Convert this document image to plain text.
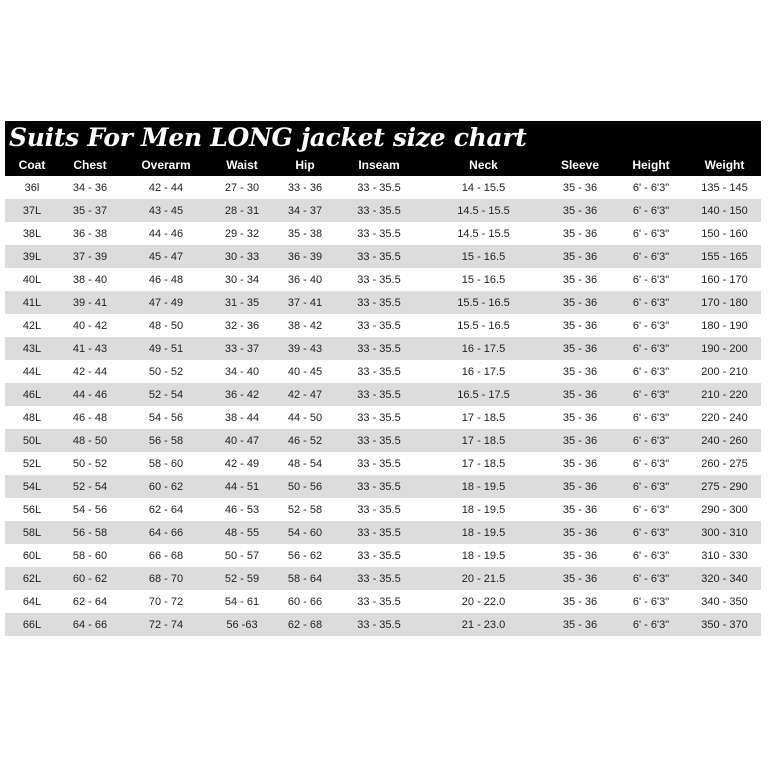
Suits For Men LONG jacket size chart
Coat	Chest	Overarm	Waist	Hip	Inseam	Neck	Sleeve	Height	Weight
36l	34 - 36	42 - 44	27 - 30	33 - 36	33 - 35.5	14 - 15.5	35 - 36	6' - 6'3"	135 - 145
37L	35 - 37	43 - 45	28 - 31	34 - 37	33 - 35.5	14.5 - 15.5	35 - 36	6' - 6'3"	140 - 150
38L	36 - 38	44 - 46	29 - 32	35 - 38	33 - 35.5	14.5 - 15.5	35 - 36	6' - 6'3"	150 - 160
39L	37 - 39	45 - 47	30 - 33	36 - 39	33 - 35.5	15 - 16.5	35 - 36	6' - 6'3"	155 - 165
40L	38 - 40	46 - 48	30 - 34	36 - 40	33 - 35.5	15 - 16.5	35 - 36	6' - 6'3"	160 - 170
41L	39 - 41	47 - 49	31 - 35	37 - 41	33 - 35.5	15.5 - 16.5	35 - 36	6' - 6'3"	170 - 180
42L	40 - 42	48 - 50	32 - 36	38 - 42	33 - 35.5	15.5 - 16.5	35 - 36	6' - 6'3"	180 - 190
43L	41 - 43	49 - 51	33 - 37	39 - 43	33 - 35.5	16 - 17.5	35 - 36	6' - 6'3"	190 - 200
44L	42 - 44	50 - 52	34 - 40	40 - 45	33 - 35.5	16 - 17.5	35 - 36	6' - 6'3"	200 - 210
46L	44 - 46	52 - 54	36 - 42	42 - 47	33 - 35.5	16.5 - 17.5	35 - 36	6' - 6'3"	210 - 220
48L	46 - 48	54 - 56	38 - 44	44 - 50	33 - 35.5	17 - 18.5	35 - 36	6' - 6'3"	220 - 240
50L	48 - 50	56 - 58	40 - 47	46 - 52	33 - 35.5	17 - 18.5	35 - 36	6' - 6'3"	240 - 260
52L	50 - 52	58 - 60	42 - 49	48 - 54	33 - 35.5	17 - 18.5	35 - 36	6' - 6'3"	260 - 275
54L	52 - 54	60 - 62	44 - 51	50 - 56	33 - 35.5	18 - 19.5	35 - 36	6' - 6'3"	275 - 290
56L	54 - 56	62 - 64	46 - 53	52 - 58	33 - 35.5	18 - 19.5	35 - 36	6' - 6'3"	290 - 300
58L	56 - 58	64 - 66	48 - 55	54 - 60	33 - 35.5	18 - 19.5	35 - 36	6' - 6'3"	300 - 310
60L	58 - 60	66 - 68	50 - 57	56 - 62	33 - 35.5	18 - 19.5	35 - 36	6' - 6'3"	310 - 330
62L	60 - 62	68 - 70	52 - 59	58 - 64	33 - 35.5	20 - 21.5	35 - 36	6' - 6'3"	320 - 340
64L	62 - 64	70 - 72	54 - 61	60 - 66	33 - 35.5	20 - 22.0	35 - 36	6' - 6'3"	340 - 350
66L	64 - 66	72 - 74	56 -63	62 - 68	33 - 35.5	21 - 23.0	35 - 36	6' - 6'3"	350 - 370
